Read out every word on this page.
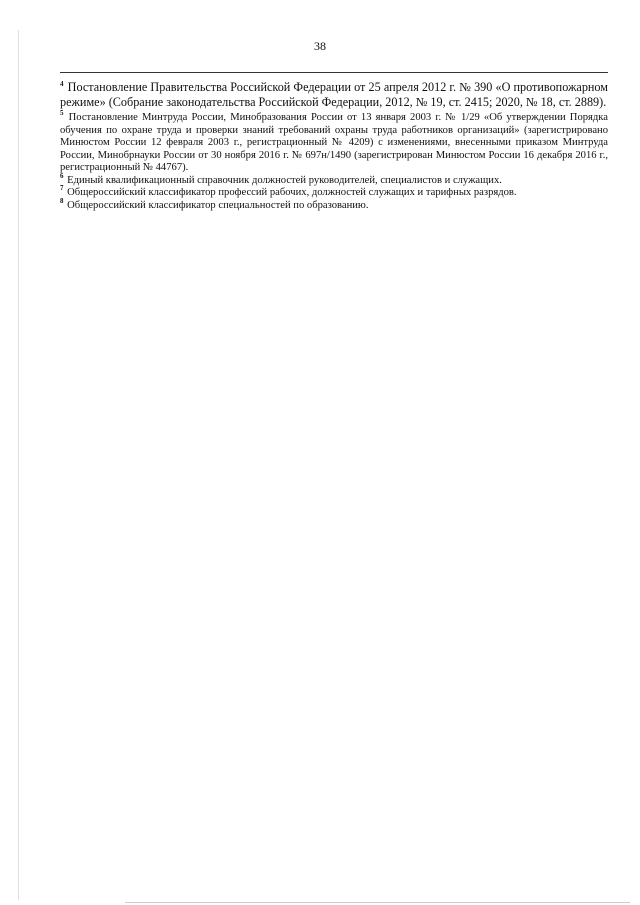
38

$^4$ Постановление Правительства Российской Федерации от 25 апреля 2012 г. № 390 «О противопожарном режиме» (Собрание законодательства Российской Федерации, 2012, № 19, ст. 2415; 2020, № 18, ст. 2889).

$^5$ Постановление Минтруда России, Минобразования России от 13 января 2003 г. № 1/29 «Об утверждении Порядка обучения по охране труда и проверки знаний требований охраны труда работников организаций» (зарегистрировано Минюстом России 12 февраля 2003 г., регистрационный № 4209) с изменениями, внесенными приказом Минтруда России, Минобрнауки России от 30 ноября 2016 г. № 697н/1490 (зарегистрирован Минюстом России 16 декабря 2016 г., регистрационный № 44767).

$^6$ Единый квалификационный справочник должностей руководителей, специалистов и служащих.

$^7$ Общероссийский классификатор профессий рабочих, должностей служащих и тарифных разрядов.

$^8$ Общероссийский классификатор специальностей по образованию.
